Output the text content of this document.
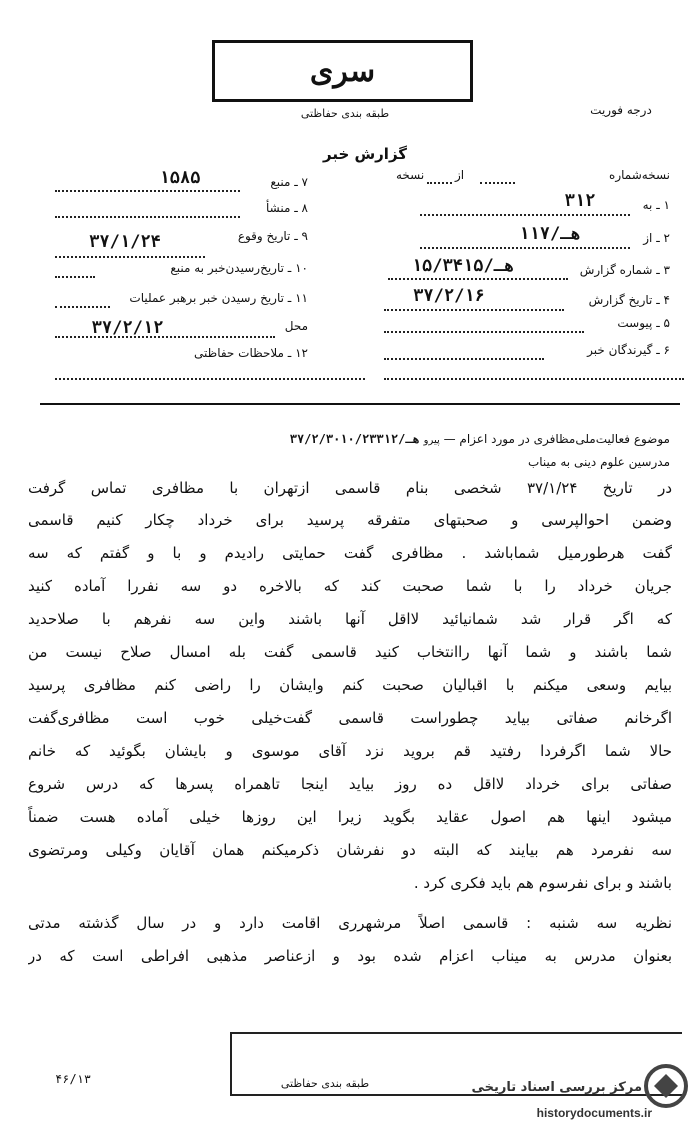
سری
طبقه بندی حفاظتی	درجه فوریت
گزارش خبر
نسخه‌شماره
از
نسخه
۱ ـ به
۳۱۲
۲ ـ از
۱۱۷/هـ
۳ ـ شماره گزارش
۱۵/۳۴۱۵/هـ
۴ ـ تاریخ گزارش
۳۷/۲/۱۶
۵ ـ پیوست
۶ ـ گیرندگان خبر
۷ ـ منبع
۱۵۸۵
۸ ـ منشأ
۹ ـ تاریخ وقوع
۳۷/۱/۲۴
۱۰ ـ تاریخ‌رسیدن‌خبر به منبع
۱۱ ـ تاریخ رسیدن خبر برهبر عملیات
محل
۳۷/۲/۱۲
۱۲ ـ ملاحظات حفاظتی
موضوع فعالیت‌ملی‌مظافری در مورد اعزام — پیرو ۳۷/۲/۳۰۱۰/هـ/۲۳۳۱۲
مدرسین علوم دینی به میناب
در تاریخ ۳۷/۱/۲۴ شخصی بنام قاسمی ازتهران با مظافری تماس گرفت
وضمن احوالپرسی و صحبتهای متفرقه پرسید برای خرداد چکار کنیم قاسمی
گفت هرطورمیل شماباشد . مظافری گفت حمایتی رادیدم و با و گفتم که سه
جریان خرداد را با شما صحبت کند که بالاخره دو سه نفررا آماده کنید
که اگر قرار شد شمانیائید لااقل آنها باشند واین سه نفرهم با صلاحدید
شما باشند و شما آنها راانتخاب کنید قاسمی گفت بله امسال صلاح نیست من
بیایم وسعی میکنم با اقبالیان صحبت کنم وایشان را راضی کنم مظافری پرسید
اگرخانم صفاتی بیاید چطوراست قاسمی گفت‌خیلی خوب است مظافری‌گفت
حالا شما اگرفردا رفتید قم بروید نزد آقای موسوی و بایشان بگوئید که خانم
صفاتی برای خرداد لااقل ده روز بیاید اینجا تاهمراه پسرها که درس شروع
میشود اینها هم اصول عقاید بگوید زیرا این روزها خیلی آماده هست ضمناً
سه نفرمرد هم بیایند که البته دو نفرشان ذکرمیکنم همان آقایان وکیلی ومرتضوی
باشند و برای نفرسوم هم باید فکری کرد .
نظریه سه شنبه : قاسمی اصلاً مرشهرری اقامت دارد و در سال گذشته مدتی
بعنوان مدرس به میناب اعزام شده بود و ازعناصر مذهبی افراطی است که در
۴۶/۱۳	طبقه بندی حفاظتی	مرکز بررسی اسناد تاریخی
historydocuments.ir
